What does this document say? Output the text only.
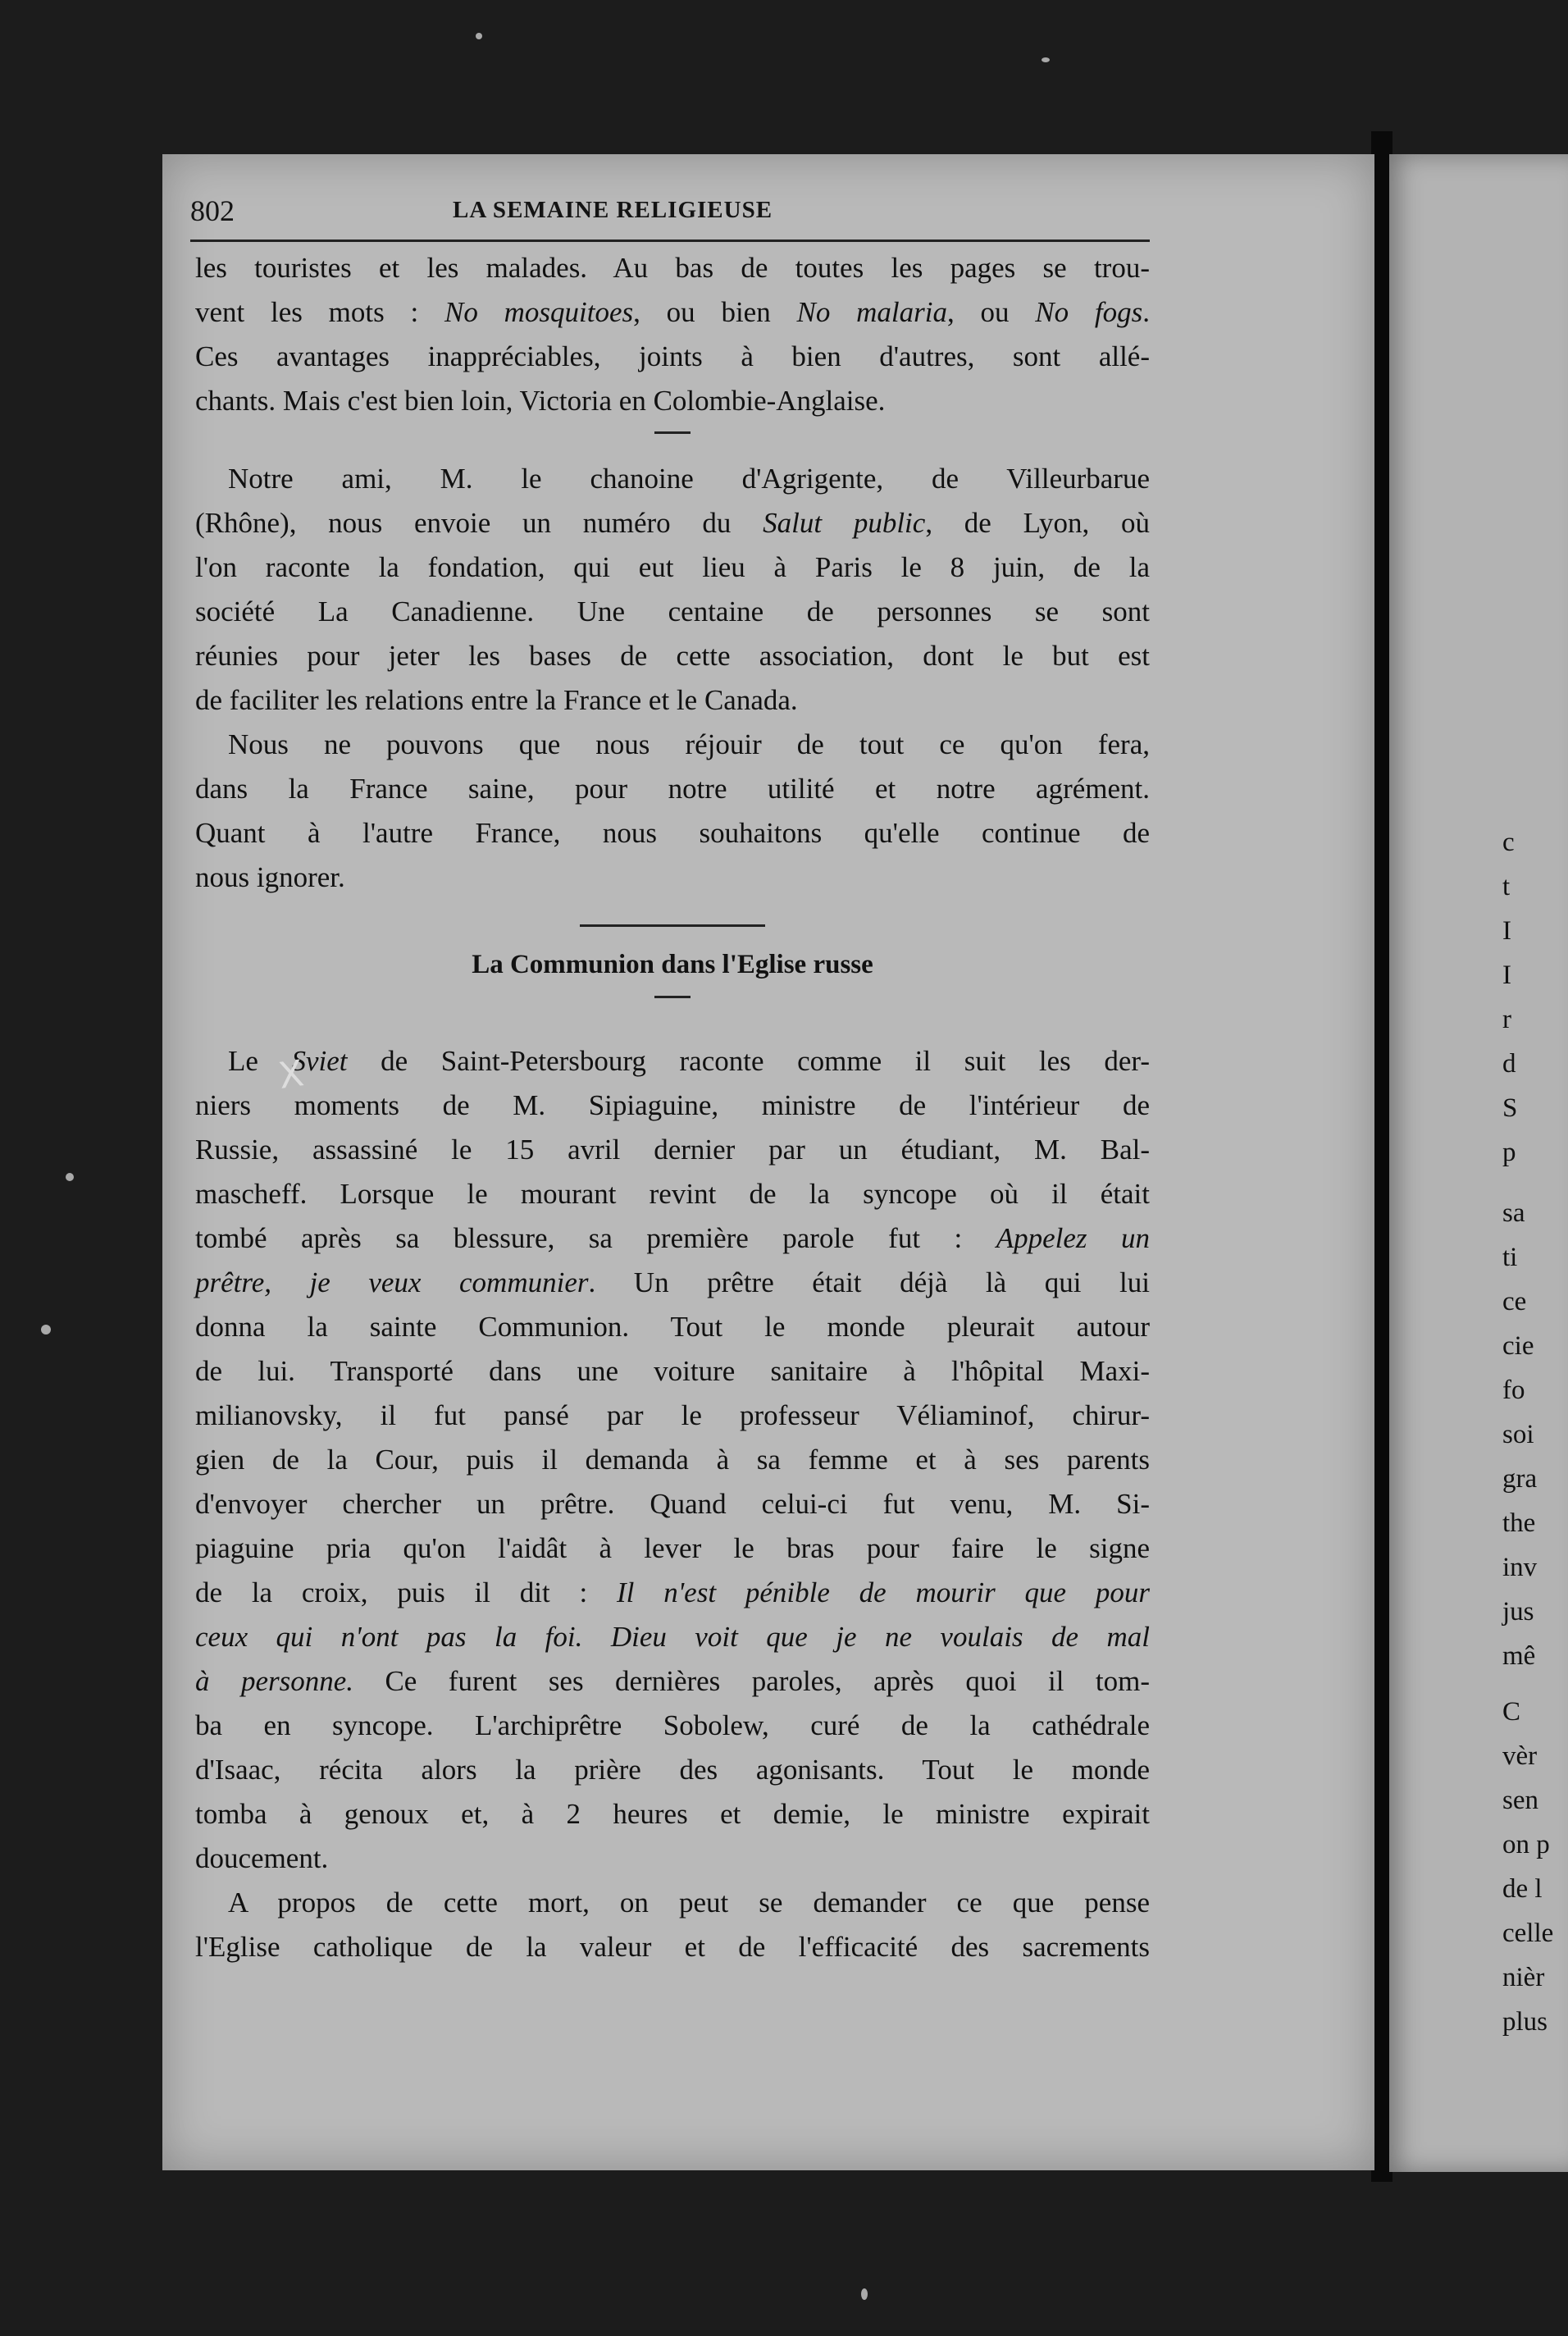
802	LA SEMAINE RELIGIEUSE

les touristes et les malades. Au bas de toutes les pages se trou-

vent les mots : No mosquitoes, ou bien No malaria, ou No fogs.

Ces avantages inappréciables, joints à bien d'autres, sont allé-

chants. Mais c'est bien loin, Victoria en Colombie-Anglaise.

Notre ami, M. le chanoine d'Agrigente, de Villeurbarue

(Rhône), nous envoie un numéro du Salut public, de Lyon, où

l'on raconte la fondation, qui eut lieu à Paris le 8 juin, de la

société La Canadienne. Une centaine de personnes se sont

réunies pour jeter les bases de cette association, dont le but est

de faciliter les relations entre la France et le Canada.

Nous ne pouvons que nous réjouir de tout ce qu'on fera,

dans la France saine, pour notre utilité et notre agrément.

Quant à l'autre France, nous souhaitons qu'elle continue de

nous ignorer.

La Communion dans l'Eglise russe

Le Sviet de Saint-Petersbourg raconte comme il suit les der-

niers moments de M. Sipiaguine, ministre de l'intérieur de

Russie, assassiné le 15 avril dernier par un étudiant, M. Bal-

mascheff. Lorsque le mourant revint de la syncope où il était

tombé après sa blessure, sa première parole fut : Appelez un

prêtre, je veux communier. Un prêtre était déjà là qui lui

donna la sainte Communion. Tout le monde pleurait autour

de lui. Transporté dans une voiture sanitaire à l'hôpital Maxi-

milianovsky, il fut pansé par le professeur Véliaminof, chirur-

gien de la Cour, puis il demanda à sa femme et à ses parents

d'envoyer chercher un prêtre. Quand celui-ci fut venu, M. Si-

piaguine pria qu'on l'aidât à lever le bras pour faire le signe

de la croix, puis il dit : Il n'est pénible de mourir que pour

ceux qui n'ont pas la foi. Dieu voit que je ne voulais de mal

à personne. Ce furent ses dernières paroles, après quoi il tom-

ba en syncope. L'archiprêtre Sobolew, curé de la cathédrale

d'Isaac, récita alors la prière des agonisants. Tout le monde

tomba à genoux et, à 2 heures et demie, le ministre expirait

doucement.

A propos de cette mort, on peut se demander ce que pense

l'Eglise catholique de la valeur et de l'efficacité des sacrements

X
c
t
I
I
r
d
S
p
sa
ti
ce
cie
fo
soi
gra
the
inv
jus
mê
C
vèr
sen
on p
de l
celle
nièr
plus
